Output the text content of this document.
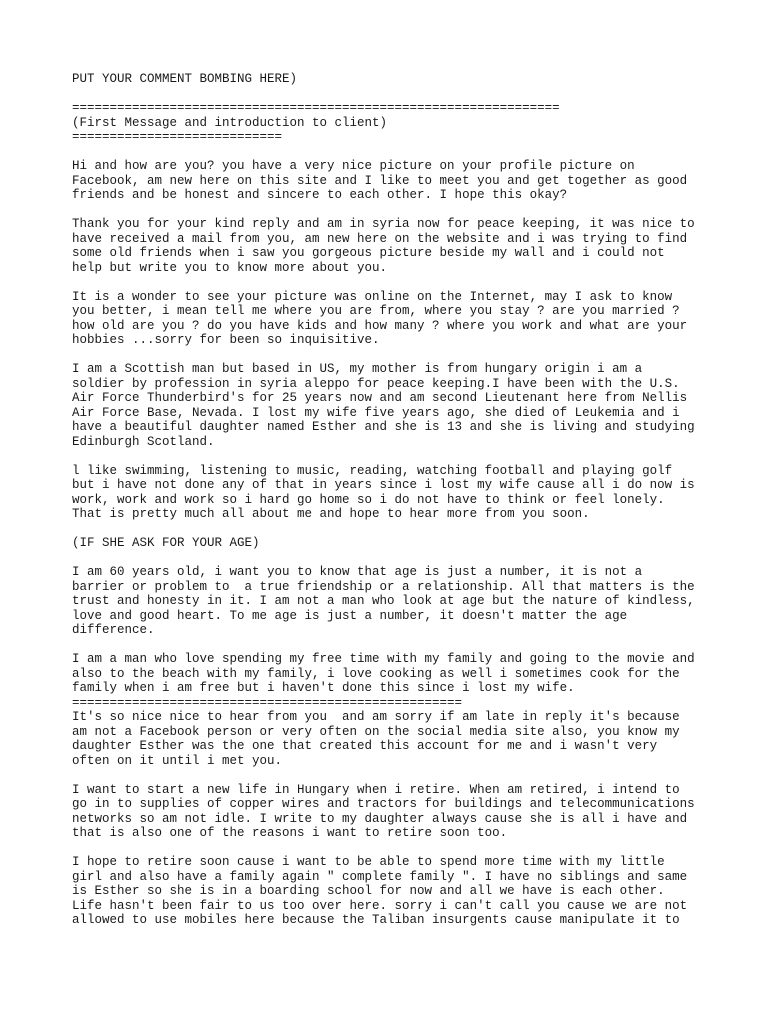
PUT YOUR COMMENT BOMBING HERE)

=================================================================

(First Message and introduction to client)

============================

Hi and how are you? you have a very nice picture on your profile picture on
Facebook, am new here on this site and I like to meet you and get together as good
friends and be honest and sincere to each other. I hope this okay?

Thank you for your kind reply and am in syria now for peace keeping, it was nice to
have received a mail from you, am new here on the website and i was trying to find
some old friends when i saw you gorgeous picture beside my wall and i could not
help but write you to know more about you.

It is a wonder to see your picture was online on the Internet, may I ask to know
you better, i mean tell me where you are from, where you stay ? are you married ?
how old are you ? do you have kids and how many ? where you work and what are your
hobbies ...sorry for been so inquisitive.

I am a Scottish man but based in US, my mother is from hungary origin i am a
soldier by profession in syria aleppo for peace keeping.I have been with the U.S.
Air Force Thunderbird's for 25 years now and am second Lieutenant here from Nellis
Air Force Base, Nevada. I lost my wife five years ago, she died of Leukemia and i
have a beautiful daughter named Esther and she is 13 and she is living and studying
Edinburgh Scotland.

l like swimming, listening to music, reading, watching football and playing golf
but i have not done any of that in years since i lost my wife cause all i do now is
work, work and work so i hard go home so i do not have to think or feel lonely.
That is pretty much all about me and hope to hear more from you soon.

(IF SHE ASK FOR YOUR AGE)

I am 60 years old, i want you to know that age is just a number, it is not a
barrier or problem to  a true friendship or a relationship. All that matters is the
trust and honesty in it. I am not a man who look at age but the nature of kindless,
love and good heart. To me age is just a number, it doesn't matter the age
difference.

I am a man who love spending my free time with my family and going to the movie and
also to the beach with my family, i love cooking as well i sometimes cook for the
family when i am free but i haven't done this since i lost my wife.

====================================================

It's so nice nice to hear from you  and am sorry if am late in reply it's because
am not a Facebook person or very often on the social media site also, you know my
daughter Esther was the one that created this account for me and i wasn't very
often on it until i met you.

I want to start a new life in Hungary when i retire. When am retired, i intend to
go in to supplies of copper wires and tractors for buildings and telecommunications
networks so am not idle. I write to my daughter always cause she is all i have and
that is also one of the reasons i want to retire soon too.

I hope to retire soon cause i want to be able to spend more time with my little
girl and also have a family again " complete family ". I have no siblings and same
is Esther so she is in a boarding school for now and all we have is each other.
Life hasn't been fair to us too over here. sorry i can't call you cause we are not
allowed to use mobiles here because the Taliban insurgents cause manipulate it to
